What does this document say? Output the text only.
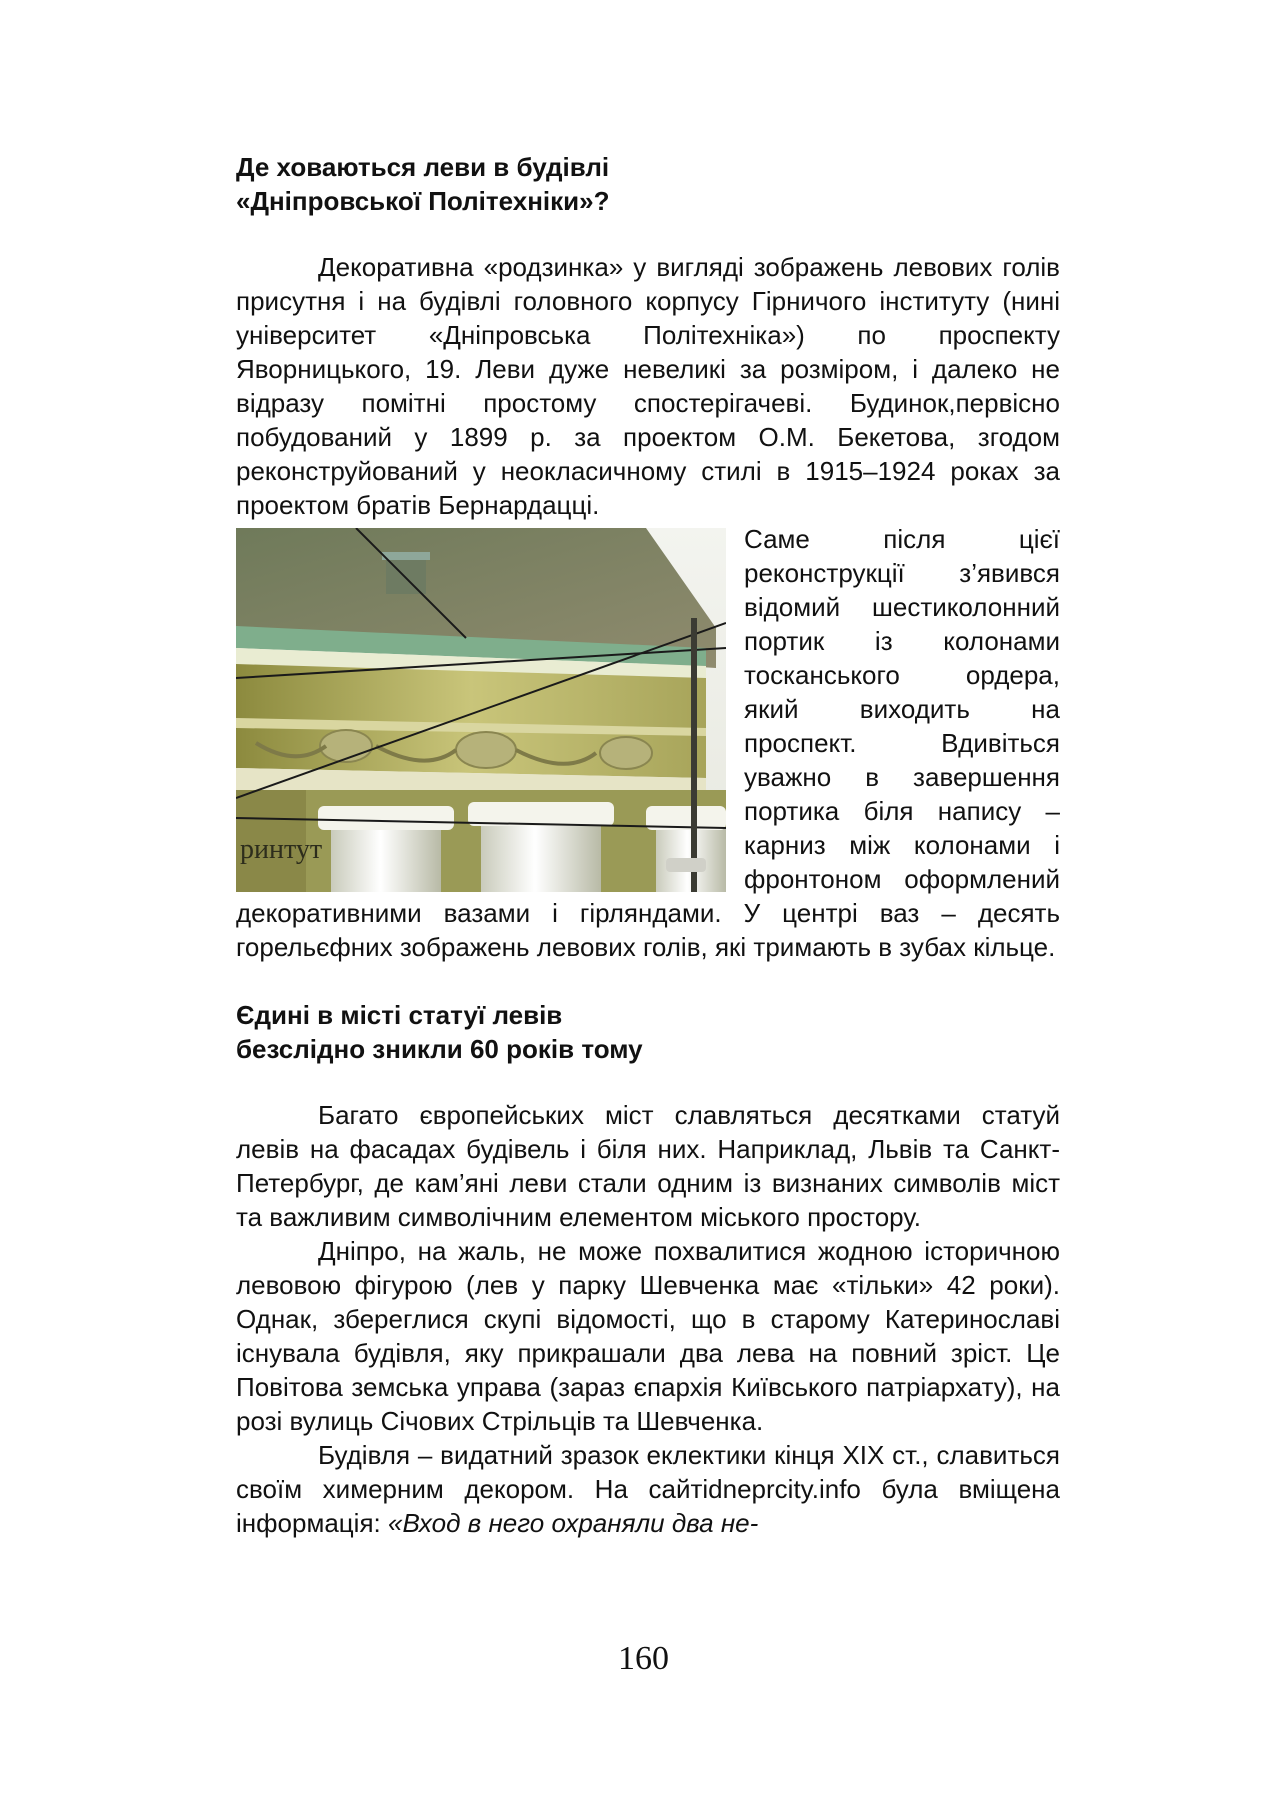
Де ховаються леви в будівлі
«Дніпровської Політехніки»?

Декоративна «родзинка» у вигляді зображень левових голів присутня і на будівлі головного корпусу Гірничого інституту (нині університет «Дніпровська Політехніка») по проспекту Яворницького, 19. Леви дуже невеликі за розміром, і далеко не відразу помітні простому спостерігачеві. Будинок,первісно побудований у 1899 р. за проектом О.М. Бекетова, згодом реконструйований у неокласичному стилі в 1915–1924 роках за проектом братів Бернардацці.

ринтут

Саме після цієї реконструкції з’явився відомий шестиколонний портик із колонами тосканського ордера, який виходить на проспект. Вдивіться уважно в завершення портика біля напису – карниз між колонами і фронтоном оформлений декоративними вазами і гірляндами. У центрі ваз – десять горельєфних зображень левових голів, які тримають в зубах кільце.

Єдині в місті статуї левів
безслідно зникли 60 років тому

Багато європейських міст славляться десятками статуй левів на фасадах будівель і біля них. Наприклад, Львів та Санкт-Петербург, де кам’яні леви стали одним із визнаних символів міст та важливим символічним елементом міського простору.

Дніпро, на жаль, не може похвалитися жодною історичною левовою фігурою (лев у парку Шевченка має «тільки» 42 роки). Однак, збереглися скупі відомості, що в старому Катеринославі існувала будівля, яку прикрашали два лева на повний зріст. Це Повітова земська управа (зараз єпархія Київського патріархату), на розі вулиць Січових Стрільців та Шевченка.

Будівля – видатний зразок еклектики кінця ХІХ ст., славиться своїм химерним декором. На сайтіdneprcity.info була вміщена інформація: «Вход в него охраняли два не-

160
